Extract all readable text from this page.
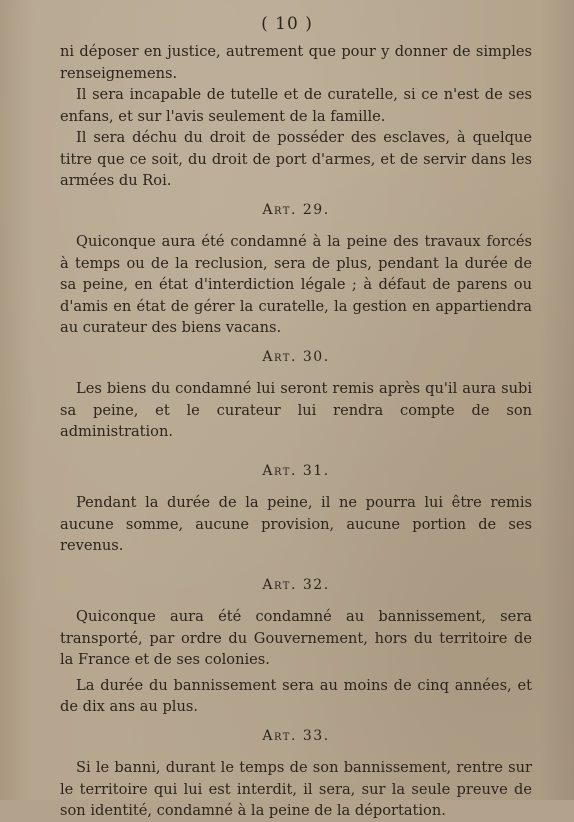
( 10 )

ni déposer en justice, autrement que pour y donner de simples renseignemens.

Il sera incapable de tutelle et de curatelle, si ce n'est de ses enfans, et sur l'avis seulement de la famille.

Il sera déchu du droit de posséder des esclaves, à quelque titre que ce soit, du droit de port d'armes, et de servir dans les armées du Roi.

Art. 29.

Quiconque aura été condamné à la peine des travaux forcés à temps ou de la reclusion, sera de plus, pendant la durée de sa peine, en état d'interdiction légale ; à défaut de parens ou d'amis en état de gérer la curatelle, la gestion en appartiendra au curateur des biens vacans.

Art. 30.

Les biens du condamné lui seront remis après qu'il aura subi sa peine, et le curateur lui rendra compte de son administration.

Art. 31.

Pendant la durée de la peine, il ne pourra lui être remis aucune somme, aucune provision, aucune portion de ses revenus.

Art. 32.

Quiconque aura été condamné au bannissement, sera transporté, par ordre du Gouvernement, hors du territoire de la France et de ses colonies.

La durée du bannissement sera au moins de cinq années, et de dix ans au plus.

Art. 33.

Si le banni, durant le temps de son bannissement, rentre sur le territoire qui lui est interdit, il sera, sur la seule preuve de son identité, condamné à la peine de la déportation.
